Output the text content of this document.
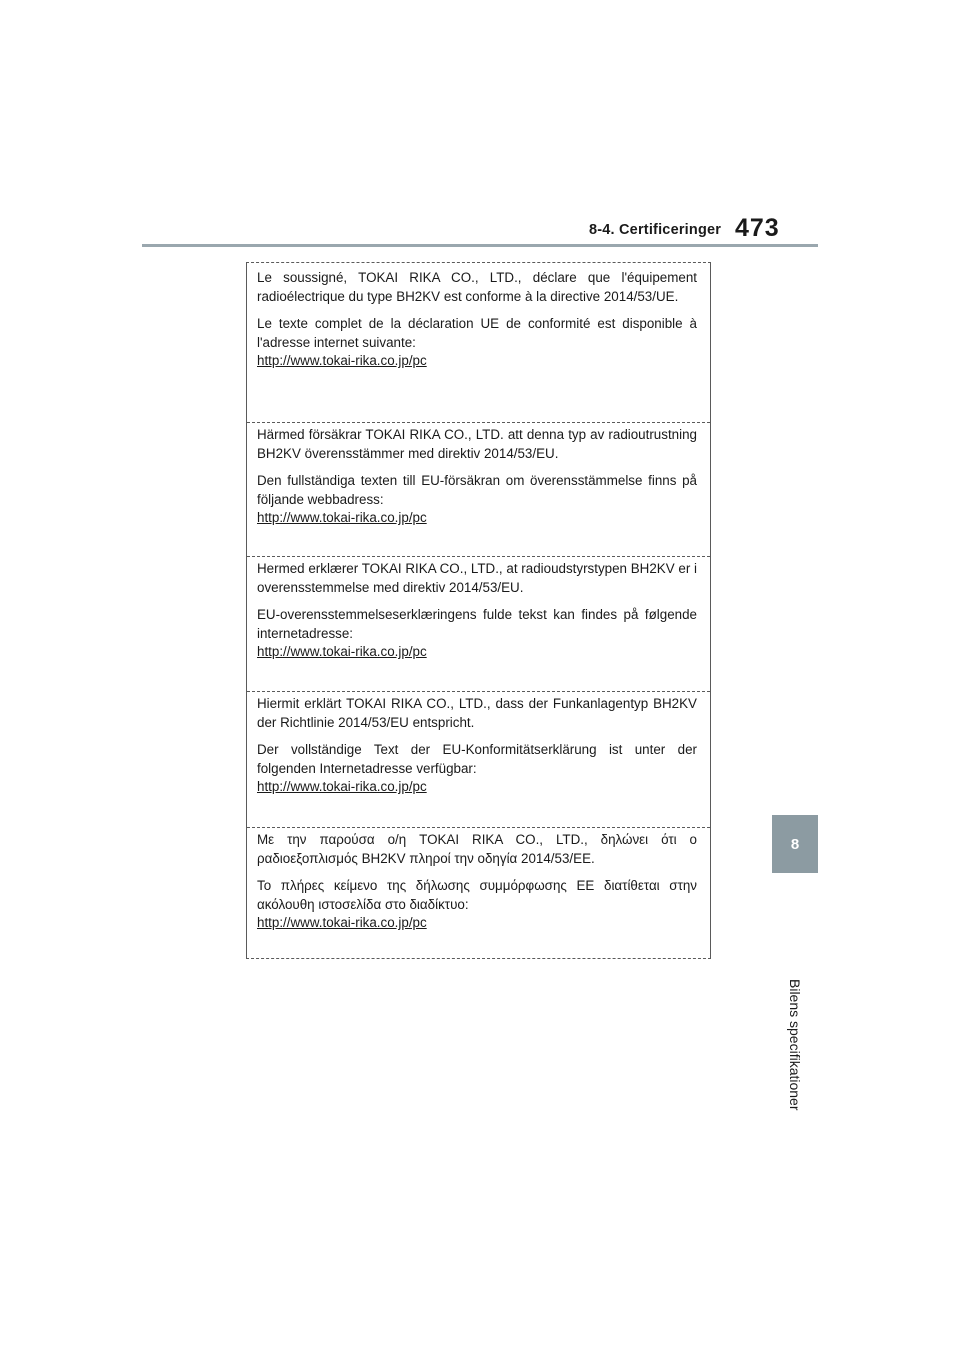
8-4. Certificeringer 473
8
Bilens specifikationer

Le soussigné, TOKAI RIKA CO., LTD., déclare que l'équipement radioélectrique du type BH2KV est conforme à la directive 2014/53/UE.

Le texte complet de la déclaration UE de conformité est disponible à l'adresse internet suivante:
http://www.tokai-rika.co.jp/pc

Härmed försäkrar TOKAI RIKA CO., LTD. att denna typ av radioutrustning BH2KV överensstämmer med direktiv 2014/53/EU.

Den fullständiga texten till EU-försäkran om överensstämmelse finns på följande webbadress:
http://www.tokai-rika.co.jp/pc

Hermed erklærer TOKAI RIKA CO., LTD., at radioudstyrstypen BH2KV er i overensstemmelse med direktiv 2014/53/EU.

EU-overensstemmelseserklæringens fulde tekst kan findes på følgende internetadresse:
http://www.tokai-rika.co.jp/pc

Hiermit erklärt TOKAI RIKA CO., LTD., dass der Funkanlagentyp BH2KV der Richtlinie 2014/53/EU entspricht.

Der vollständige Text der EU-Konformitätserklärung ist unter der folgenden Internetadresse verfügbar:
http://www.tokai-rika.co.jp/pc

Με την παρούσα ο/η TOKAI RIKA CO., LTD., δηλώνει ότι ο ραδιοεξοπλισμός BH2KV πληροί την οδηγία 2014/53/ΕΕ.

Το πλήρες κείμενο της δήλωσης συμμόρφωσης ΕΕ διατίθεται στην ακόλουθη ιστοσελίδα στο διαδίκτυο:
http://www.tokai-rika.co.jp/pc
